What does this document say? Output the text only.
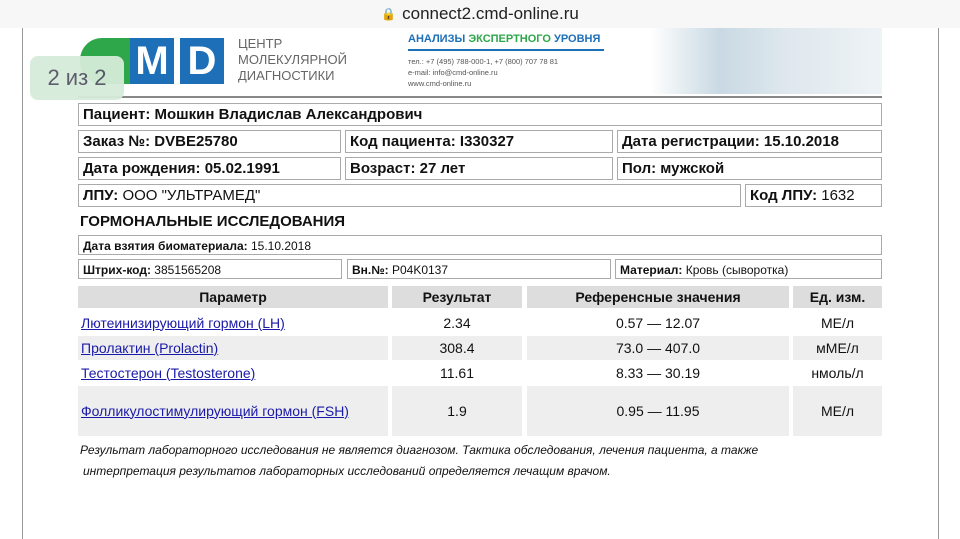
🔒 connect2.cmd-online.ru
M D	ЦЕНТР
МОЛЕКУЛЯРНОЙ
ДИАГНОСТИКИ
АНАЛИЗЫ ЭКСПЕРТНОГО УРОВНЯ
тел.: +7 (495) 788-000-1, +7 (800) 707 78 81
e-mail: info@cmd-online.ru
www.cmd-online.ru
2 из 2
Пациент: Мошкин Владислав Александрович
Заказ №: DVBE25780	Код пациента: I330327	Дата регистрации: 15.10.2018
Дата рождения: 05.02.1991	Возраст: 27 лет	Пол: мужской
ЛПУ: ООО "УЛЬТРАМЕД"	Код ЛПУ: 1632
ГОРМОНАЛЬНЫЕ ИССЛЕДОВАНИЯ
Дата взятия биоматериала: 15.10.2018
Штрих-код: 3851565208	Вн.№: P04K0137	Материал: Кровь (сыворотка)
Параметр	Результат	Референсные значения	Ед. изм.
Лютеинизирующий гормон (LH)	2.34	0.57 — 12.07	МЕ/л
Пролактин (Prolactin)	308.4	73.0 — 407.0	мМЕ/л
Тестостерон (Testosterone)	11.61	8.33 — 30.19	нмоль/л
Фолликулостимулирующий гормон (FSH)	1.9	0.95 — 11.95	МЕ/л
Результат лабораторного исследования не является диагнозом. Тактика обследования, лечения пациента, а также
интерпретация результатов лабораторных исследований определяется лечащим врачом.
